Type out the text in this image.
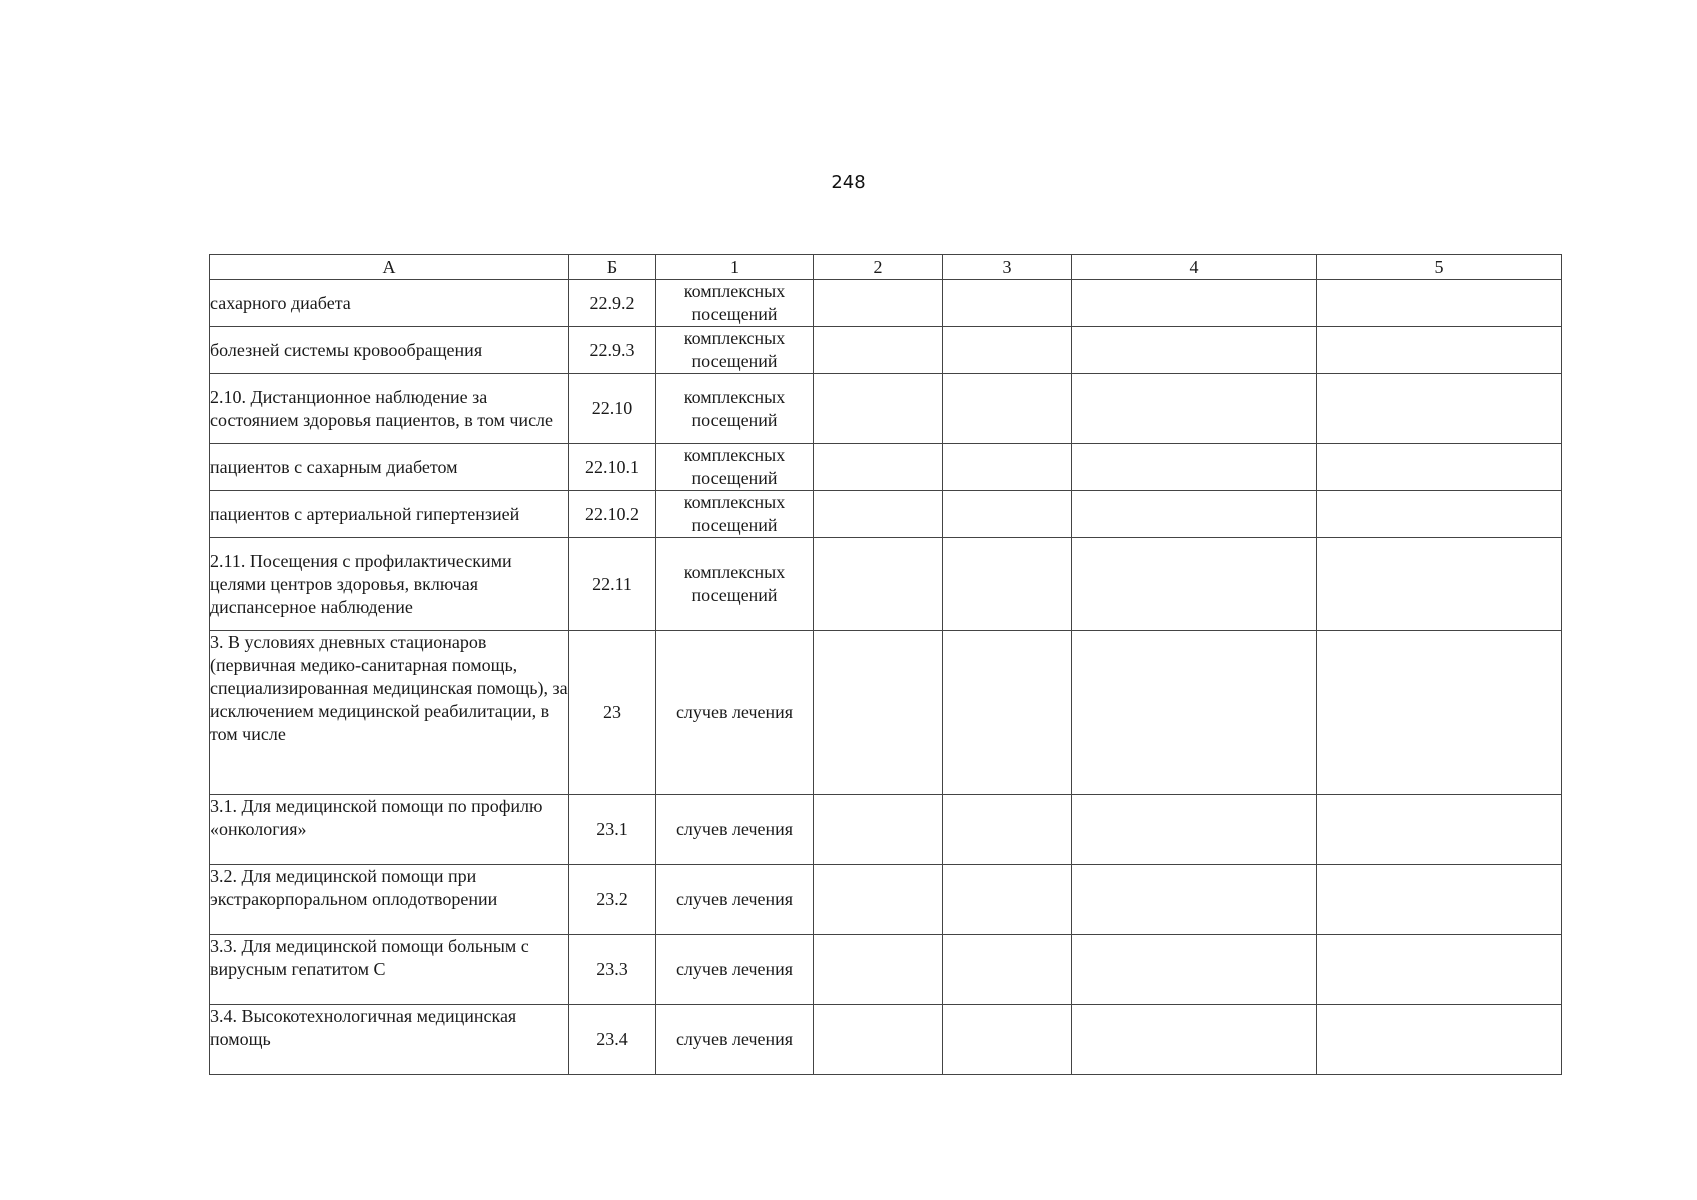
248
А	Б	1	2	3	4	5
сахарного диабета	22.9.2	комплексных посещений				
болезней системы кровообращения	22.9.3	комплексных посещений				
2.10. Дистанционное наблюдение за состоянием здоровья пациентов, в том числе	22.10	комплексных посещений				
пациентов с сахарным диабетом	22.10.1	комплексных посещений				
пациентов с артериальной гипертензией	22.10.2	комплексных посещений				
2.11. Посещения с профилактическими целями центров здоровья, включая диспансерное наблюдение	22.11	комплексных посещений				
3. В условиях дневных стационаров (первичная медико-санитарная помощь, специализированная медицинская помощь), за исключением медицинской реабилитации, в том числе	23	случев лечения				
3.1. Для медицинской помощи по профилю «онкология»	23.1	случев лечения				
3.2. Для медицинской помощи при экстракорпоральном оплодотворении	23.2	случев лечения				
3.3. Для медицинской помощи больным с вирусным гепатитом С	23.3	случев лечения				
3.4. Высокотехнологичная медицинская помощь	23.4	случев лечения				
